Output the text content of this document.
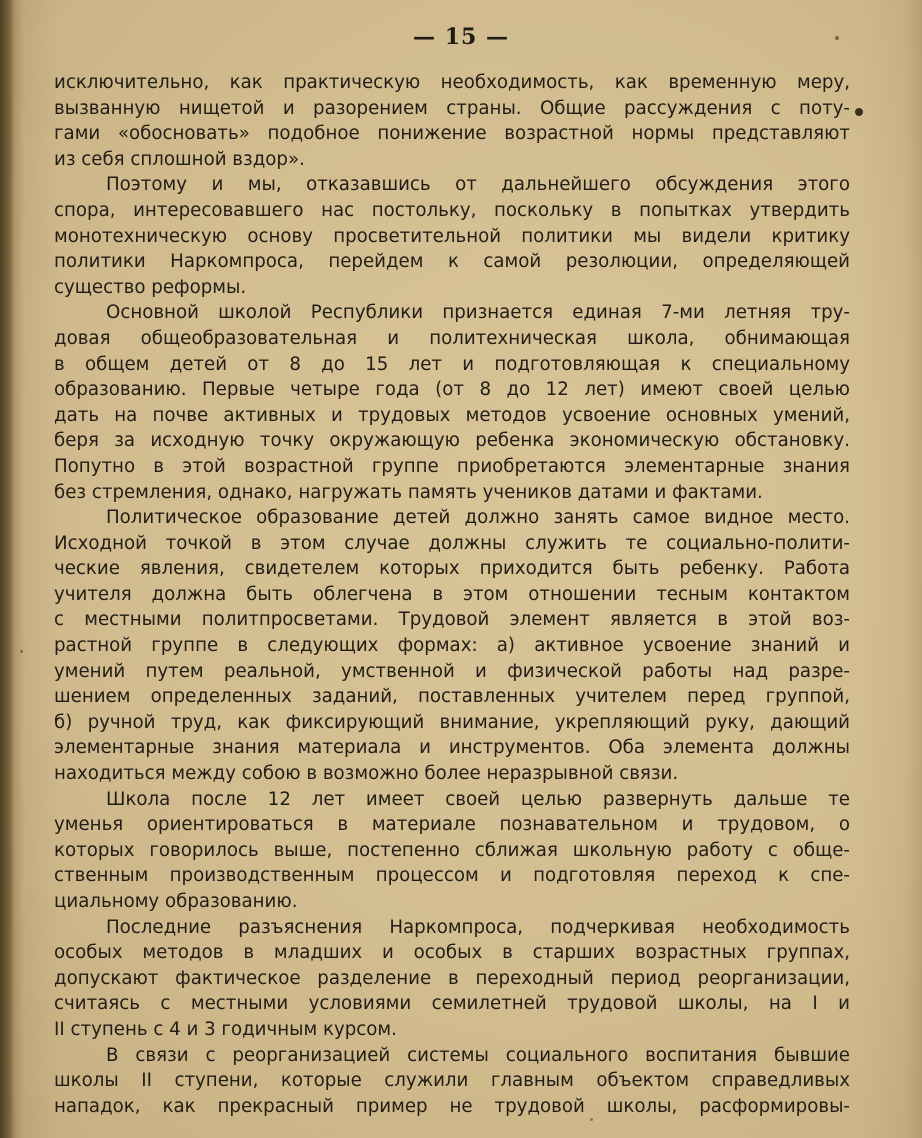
— 15 —
исключительно, как практическую необходимость, как временную меру,
вызванную нищетой и разорением страны. Общие рассуждения с поту-
гами «обосновать» подобное понижение возрастной нормы представляют
из себя сплошной вздор».
Поэтому и мы, отказавшись от дальнейшего обсуждения этого
спора, интересовавшего нас постольку, поскольку в попытках утвердить
монотехническую основу просветительной политики мы видели критику
политики Наркомпроса, перейдем к самой резолюции, определяющей
существо реформы.
Основной школой Республики признается единая 7-ми летняя тру-
довая общеобразовательная и политехническая школа, обнимающая
в общем детей от 8 до 15 лет и подготовляющая к специальному
образованию. Первые четыре года (от 8 до 12 лет) имеют своей целью
дать на почве активных и трудовых методов усвоение основных умений,
беря за исходную точку окружающую ребенка экономическую обстановку.
Попутно в этой возрастной группе приобретаются элементарные знания
без стремления, однако, нагружать память учеников датами и фактами.
Политическое образование детей должно занять самое видное место.
Исходной точкой в этом случае должны служить те социально-полити-
ческие явления, свидетелем которых приходится быть ребенку. Работа
учителя должна быть облегчена в этом отношении тесным контактом
с местными политпросветами. Трудовой элемент является в этой воз-
растной группе в следующих формах: а) активное усвоение знаний и
умений путем реальной, умственной и физической работы над разре-
шением определенных заданий, поставленных учителем перед группой,
б) ручной труд, как фиксирующий внимание, укрепляющий руку, дающий
элементарные знания материала и инструментов. Оба элемента должны
находиться между собою в возможно более неразрывной связи.
Школа после 12 лет имеет своей целью развернуть дальше те
уменья ориентироваться в материале познавательном и трудовом, о
которых говорилось выше, постепенно сближая школьную работу с обще-
ственным производственным процессом и подготовляя переход к спе-
циальному образованию.
Последние разъяснения Наркомпроса, подчеркивая необходимость
особых методов в младших и особых в старших возрастных группах,
допускают фактическое разделение в переходный период реорганизации,
считаясь с местными условиями семилетней трудовой школы, на I и
II ступень с 4 и 3 годичным курсом.
В связи с реорганизацией системы социального воспитания бывшие
школы II ступени, которые служили главным объектом справедливых
нападок, как прекрасный пример не трудовой школы, расформировы-
